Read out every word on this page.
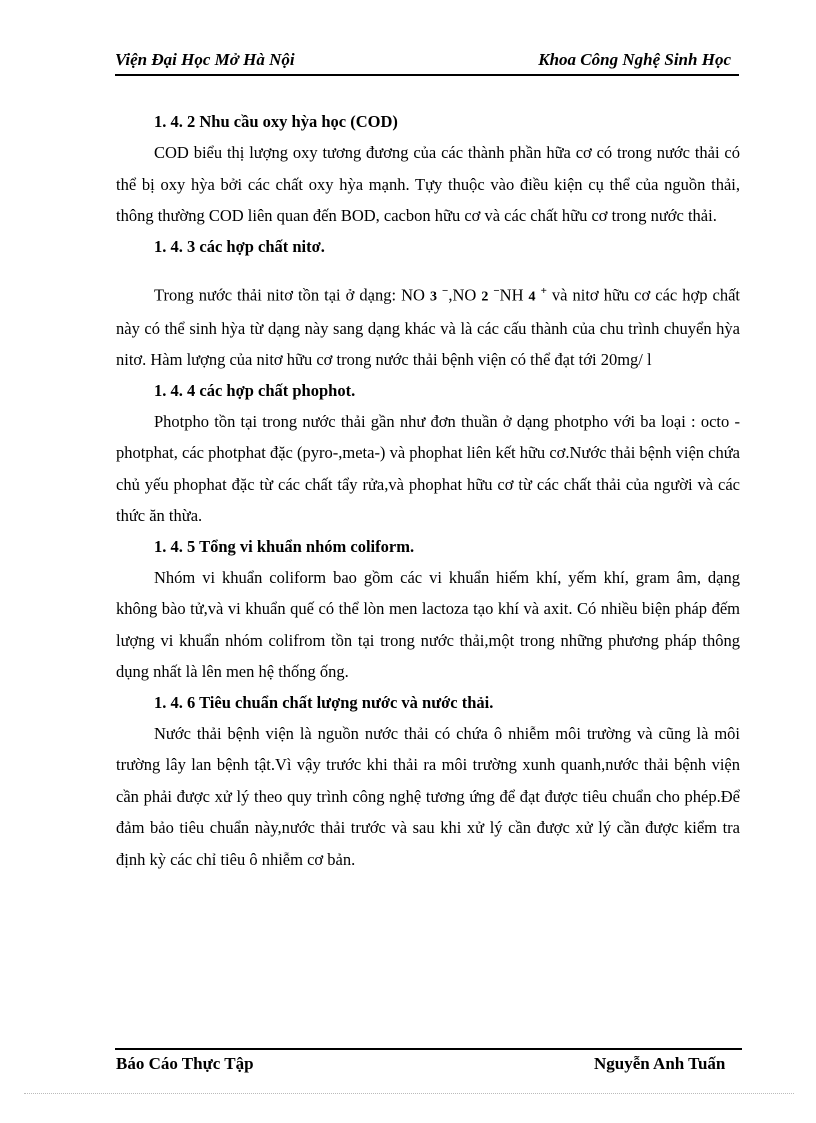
Viện Đại Học Mở Hà Nội	Khoa Công Nghệ Sinh Học

1. 4. 2 Nhu cầu oxy hỳa học (COD)

COD biểu thị lượng oxy tương đương của các thành phần hữa cơ có trong nước thải có thể bị oxy hỳa bởi các chất oxy hỳa mạnh. Tựy thuộc vào điều kiện cụ thể của nguồn thải, thông thường COD liên quan đến BOD, cacbon hữu cơ và các chất hữu cơ trong nước thải.

1. 4. 3 các hợp chất nitơ.

Trong nước thải nitơ tồn tại ở dạng: NO 3 −,NO 2 −NH 4 + và nitơ hữu cơ các hợp chất này có thể sinh hỳa từ dạng này sang dạng khác và là các cấu thành của chu trình chuyển hỳa nitơ. Hàm lượng của nitơ hữu cơ trong nước thải bệnh viện có thể đạt tới 20mg/ l

1. 4. 4 các hợp chất phophot.

Photpho tồn tại trong nước thải gần như đơn thuần ở dạng photpho với ba loại : octo - photphat, các photphat đặc (pyro-,meta-) và phophat liên kết hữu cơ.Nước thải bệnh viện chứa chủ yếu phophat đặc từ các chất tẩy rửa,và phophat hữu cơ từ các chất thải của người và các thức ăn thừa.

1. 4. 5 Tổng vi khuẩn nhóm coliform.

Nhóm vi khuẩn coliform bao gồm các vi khuẩn hiếm khí, yếm khí, gram âm, dạng không bào tử,và vi khuẩn quế có thể lòn men lactoza tạo khí và axit. Có nhiều biện pháp đếm lượng vi khuẩn nhóm colifrom tồn tại trong nước thải,một trong những phương pháp thông dụng nhất là lên men hệ thống ống.

1. 4. 6 Tiêu chuẩn chất lượng nước và nước thải.

Nước thải bệnh viện là nguồn nước thải có chứa ô nhiễm môi trường và cũng là môi trường lây lan bệnh tật.Vì vậy trước khi thải ra môi trường xunh quanh,nước thải bệnh viện cần phải được xử lý theo quy trình công nghệ tương ứng để đạt được tiêu chuẩn cho phép.Để đảm bảo tiêu chuẩn này,nước thải trước và sau khi xử lý cần được xử lý cần được kiểm tra định kỳ các chỉ tiêu ô nhiễm cơ bản.

Báo Cáo Thực Tập	Nguyễn Anh Tuấn
